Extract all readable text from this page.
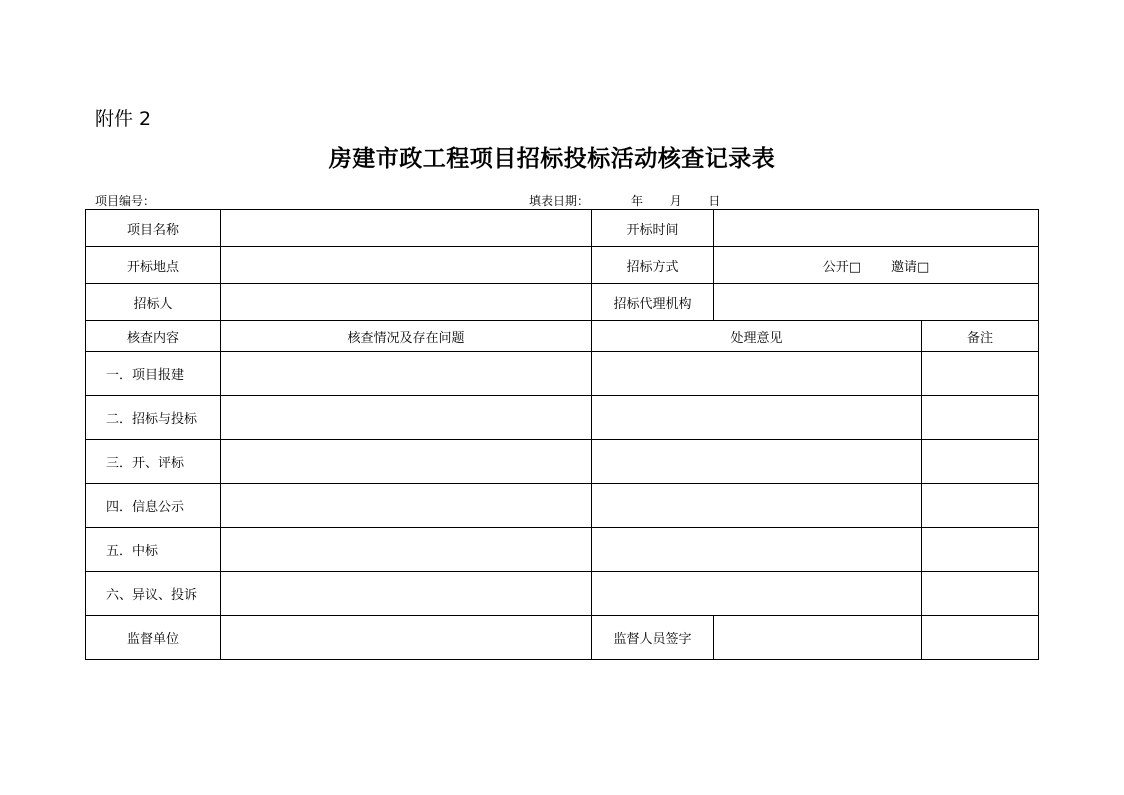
附件 2
房建市政工程项目招标投标活动核查记录表
项目编号：	填表日期：	年 月 日
项目名称		开标时间		
开标地点		招标方式	公开□ 邀请□	
招标人		招标代理机构		
核查内容	核查情况及存在问题	处理意见		备注
一．项目报建				
二．招标与投标				
三．开、评标				
四．信息公示				
五．中标				
六、异议、投诉				
监督单位		监督人员签字		
